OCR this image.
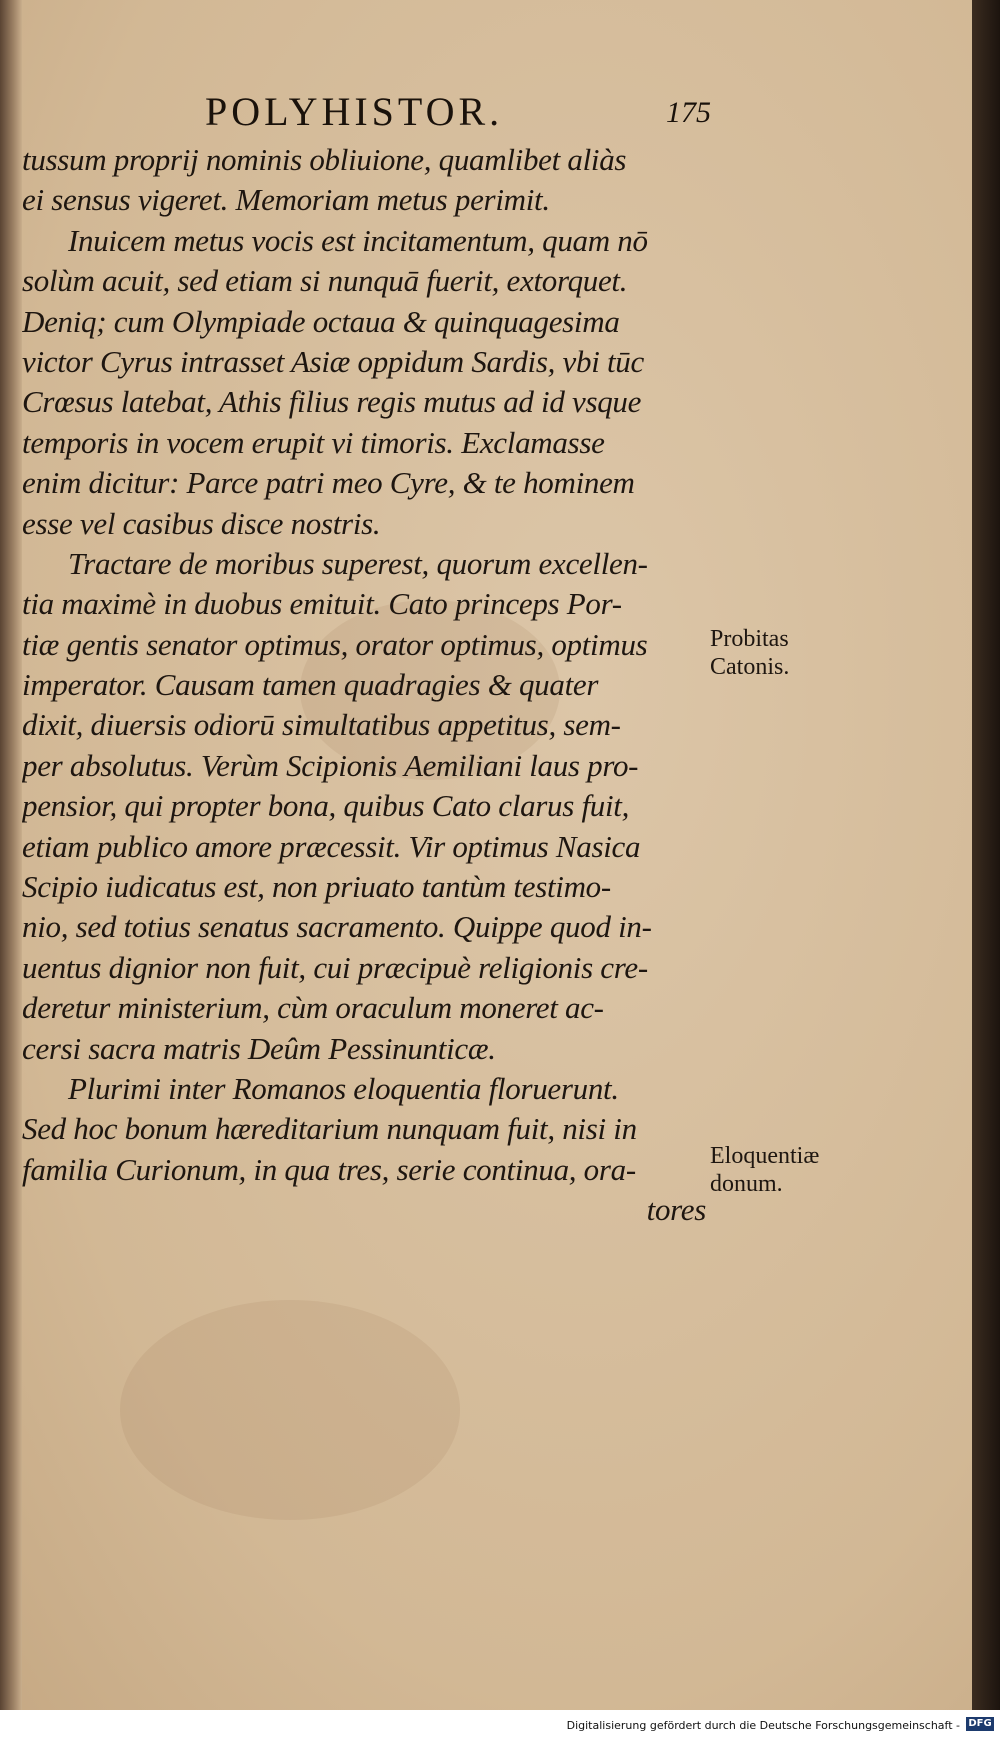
POLYHISTOR.	175
tussum proprij nominis obliuione, quamlibet aliàs
ei sensus vigeret. Memoriam metus perimit.
Inuicem metus vocis est incitamentum, quam nō
solùm acuit, sed etiam si nunquā fuerit, extorquet.
Deniq; cum Olympiade octaua & quinquagesima
victor Cyrus intrasset Asiæ oppidum Sardis, vbi tūc
Crœsus latebat, Athis filius regis mutus ad id vsque
temporis in vocem erupit vi timoris. Exclamasse
enim dicitur: Parce patri meo Cyre, & te hominem
esse vel casibus disce nostris.
Tractare de moribus superest, quorum excellen-
tia maximè in duobus emituit. Cato princeps Por-
tiæ gentis senator optimus, orator optimus, optimus
imperator. Causam tamen quadragies & quater
dixit, diuersis odiorū simultatibus appetitus, sem-
per absolutus. Verùm Scipionis Aemiliani laus pro-
pensior, qui propter bona, quibus Cato clarus fuit,
etiam publico amore præcessit. Vir optimus Nasica
Scipio iudicatus est, non priuato tantùm testimo-
nio, sed totius senatus sacramento. Quippe quod in-
uentus dignior non fuit, cui præcipuè religionis cre-
deretur ministerium, cùm oraculum moneret ac-
cersi sacra matris Deûm Pessinunticæ.
Plurimi inter Romanos eloquentia floruerunt.
Sed hoc bonum hæreditarium nunquam fuit, nisi in
familia Curionum, in qua tres, serie continua, ora-
tores
Probitas
Catonis.
Eloquentiæ
donum.
Digitalisierung gefördert durch die Deutsche Forschungsgemeinschaft - DFG
